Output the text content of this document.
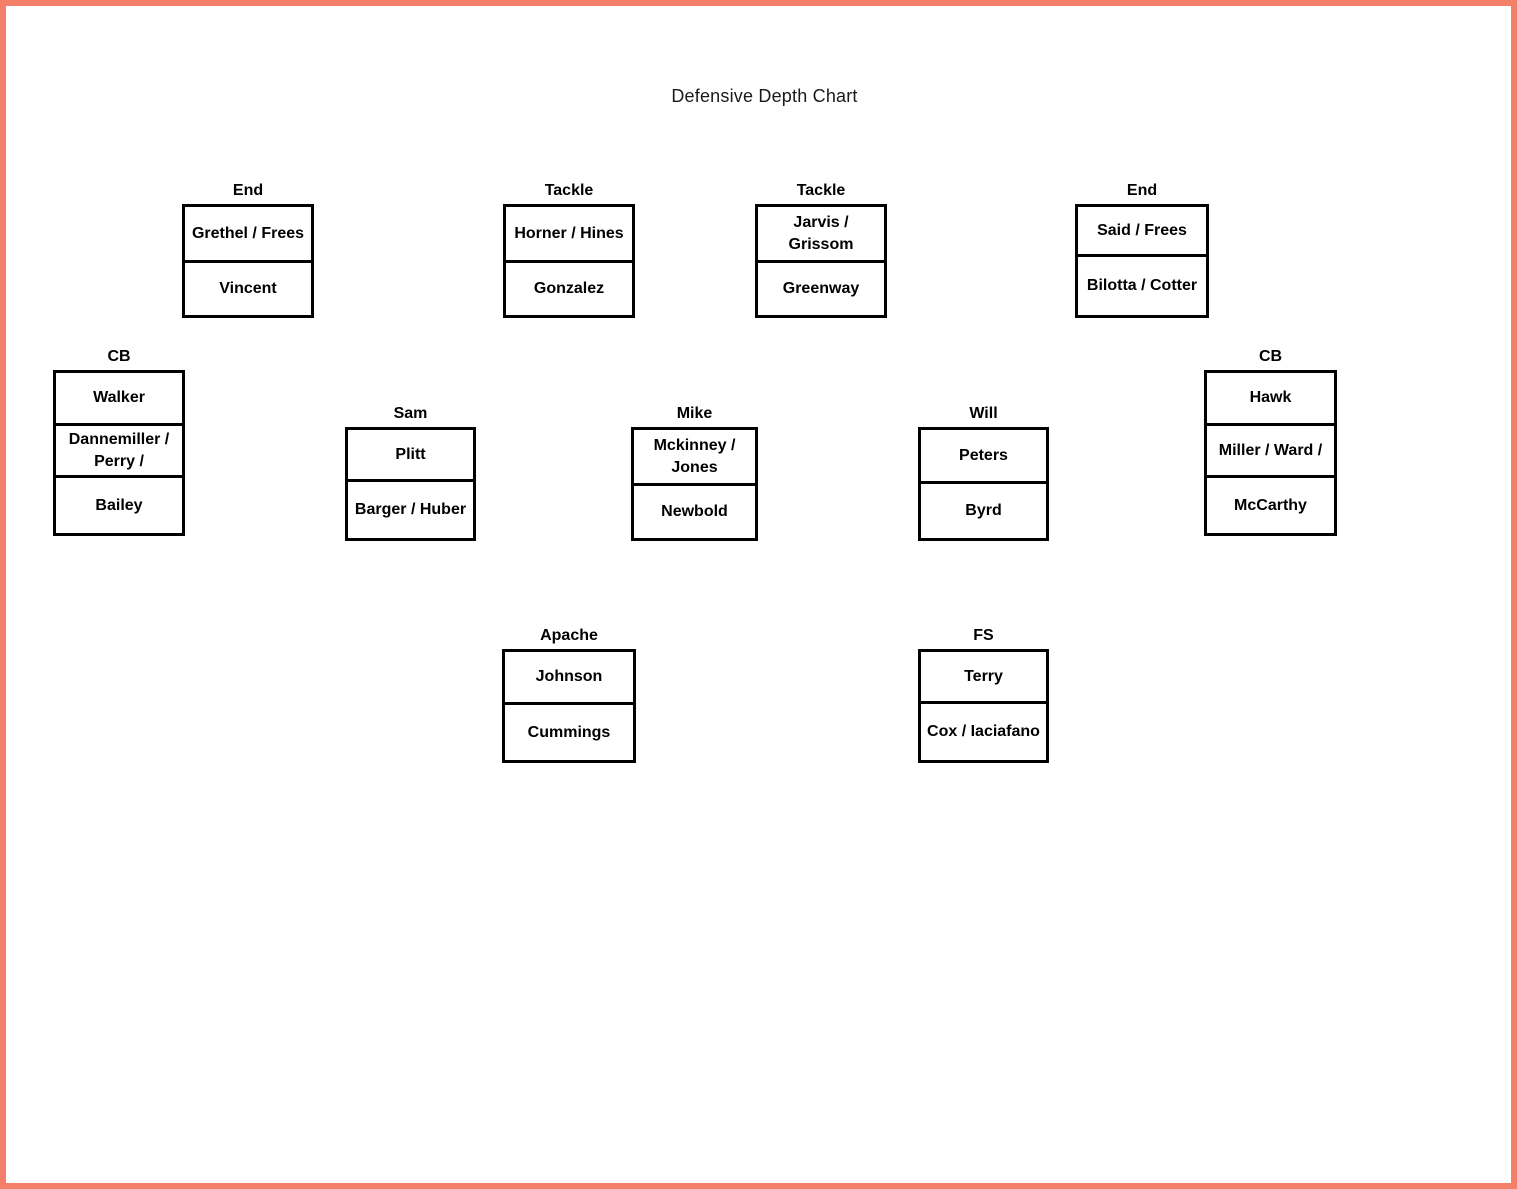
Defensive Depth Chart
End
Grethel / Frees
Vincent
Tackle
Horner / Hines
Gonzalez
Tackle
Jarvis / Grissom
Greenway
End
Said / Frees
Bilotta / Cotter
CB
Walker
Dannemiller / Perry /
Bailey
Sam
Plitt
Barger / Huber
Mike
Mckinney / Jones
Newbold
Will
Peters
Byrd
CB
Hawk
Miller / Ward /
McCarthy
Apache
Johnson
Cummings
FS
Terry
Cox / Iaciafano
